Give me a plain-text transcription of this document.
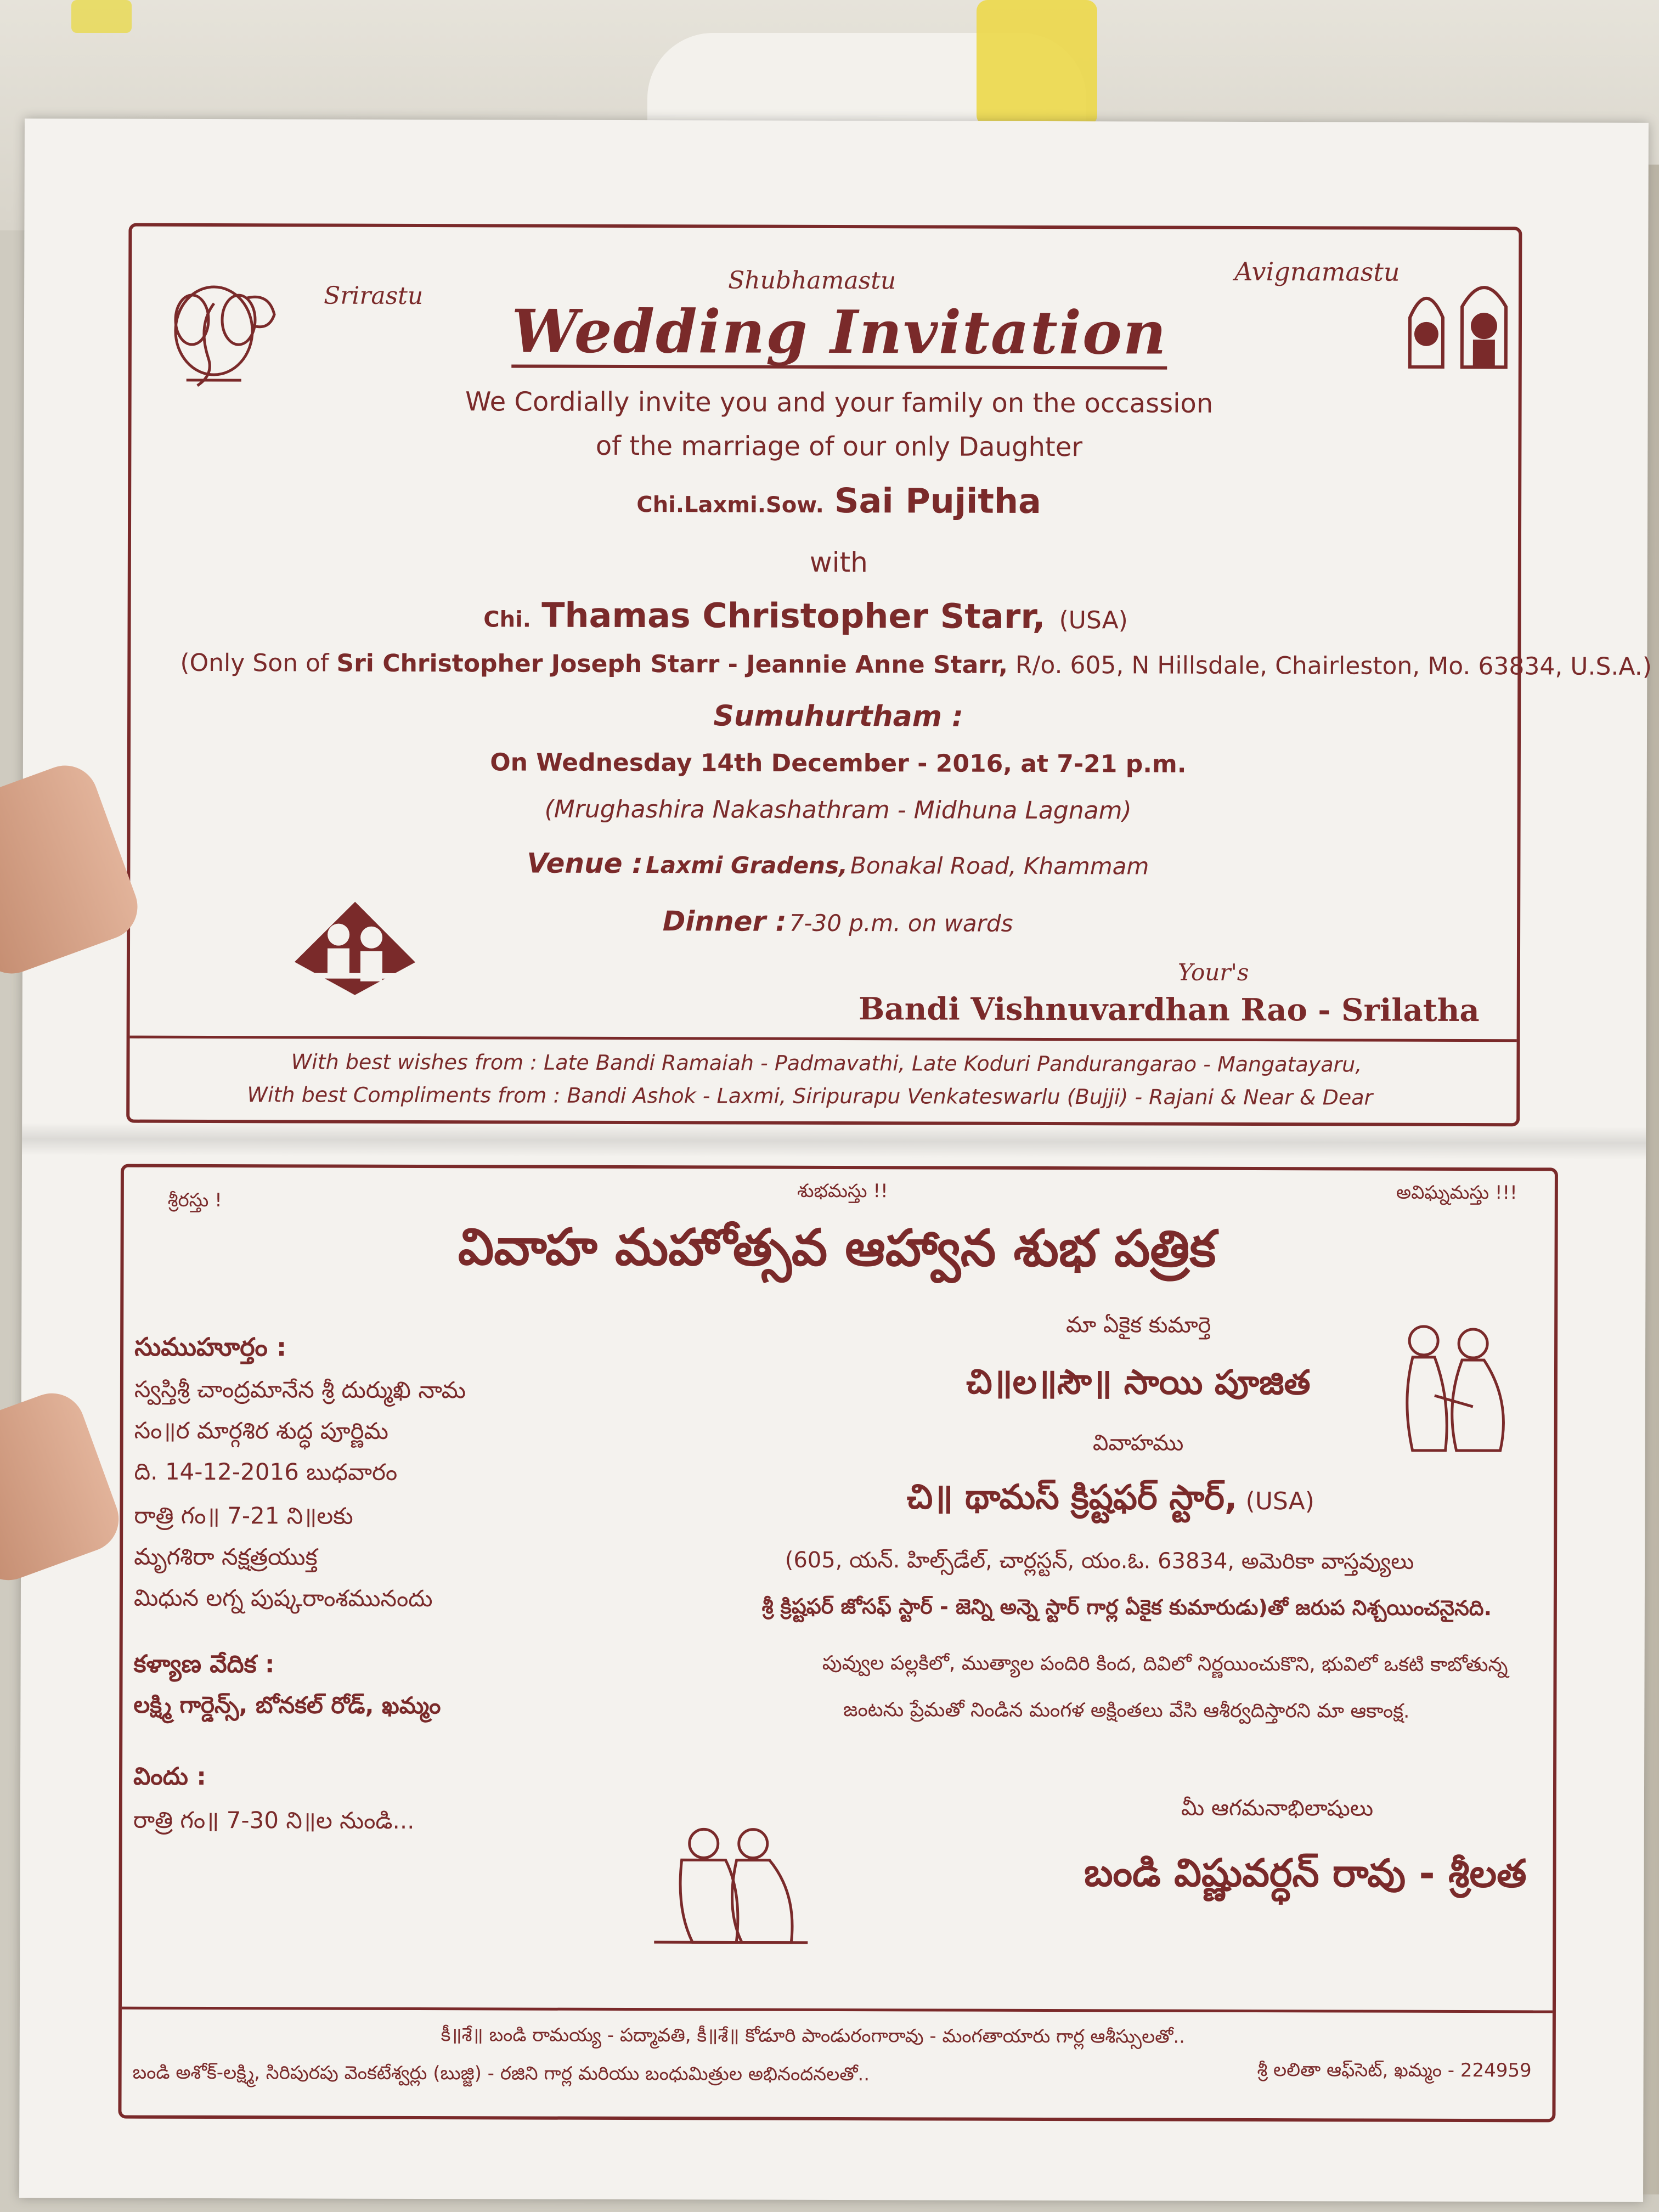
Srirastu
Shubhamastu	Avignamastu
Wedding Invitation
We Cordially invite you and your family on the occassion
of the marriage of our only Daughter
Chi.Laxmi.Sow. Sai Pujitha
with
Chi. Thamas Christopher Starr, (USA)
(Only Son of Sri Christopher Joseph Starr - Jeannie Anne Starr, R/o. 605, N Hillsdale, Chairleston, Mo. 63834, U.S.A.)
Sumuhurtham :
On Wednesday 14th December - 2016, at 7-21 p.m.
(Mrughashira Nakashathram - Midhuna Lagnam)
Venue : Laxmi Gradens, Bonakal Road, Khammam
Dinner : 7-30 p.m. on wards
Your's
Bandi Vishnuvardhan Rao - Srilatha
With best wishes from : Late Bandi Ramaiah - Padmavathi, Late Koduri Pandurangarao - Mangatayaru,
With best Compliments from : Bandi Ashok - Laxmi, Siripurapu Venkateswarlu (Bujji) - Rajani & Near & Dear
శ్రీరస్తు !	శుభమస్తు !!	అవిఘ్నమస్తు !!!
వివాహ మహోత్సవ ఆహ్వాన శుభ పత్రిక
సుముహూర్తం :
స్వస్తిశ్రీ చాంద్రమానేన శ్రీ దుర్ముఖి నామ
సం॥ర మార్గశిర శుద్ధ పూర్ణిమ
ది. 14-12-2016 బుధవారం
రాత్రి గం॥ 7-21 ని॥లకు
మృగశిరా నక్షత్రయుక్త
మిధున లగ్న పుష్కరాంశమునందు
కళ్యాణ వేదిక :
లక్ష్మి గార్డెన్స్, బోనకల్ రోడ్, ఖమ్మం
విందు :
రాత్రి గం॥ 7-30 ని॥ల నుండి...
మా ఏకైక కుమార్తె
చి॥ల॥సౌ॥ సాయి పూజిత
వివాహము
చి॥ థామస్ క్రిష్టఫర్ స్టార్, (USA)
(605, యన్. హిల్స్‌డేల్, చార్లస్టన్, యం.ఓ. 63834, అమెరికా వాస్తవ్యులు
శ్రీ క్రిష్టఫర్ జోసఫ్ స్టార్ - జెన్ని అన్నె స్టార్ గార్ల ఏకైక కుమారుడు)తో జరుప నిశ్చయించనైనది.
పువ్వుల పల్లకిలో, ముత్యాల పందిరి కింద, దివిలో నిర్ణయించుకొని, భువిలో ఒకటి కాబోతున్న
జంటను ప్రేమతో నిండిన మంగళ అక్షింతలు వేసి ఆశీర్వదిస్తారని మా ఆకాంక్ష.
మీ ఆగమనాభిలాషులు
బండి విష్ణువర్ధన్ రావు - శ్రీలత
కీ॥శే॥ బండి రామయ్య - పద్మావతి, కీ॥శే॥ కోడూరి పాండురంగారావు - మంగతాయారు గార్ల ఆశీస్సులతో..
బండి అశోక్-లక్ష్మి, సిరిపురపు వెంకటేశ్వర్లు (బుజ్జి) - రజిని గార్ల మరియు బంధుమిత్రుల అభినందనలతో..	శ్రీ లలితా ఆఫ్‌సెట్, ఖమ్మం - 224959
